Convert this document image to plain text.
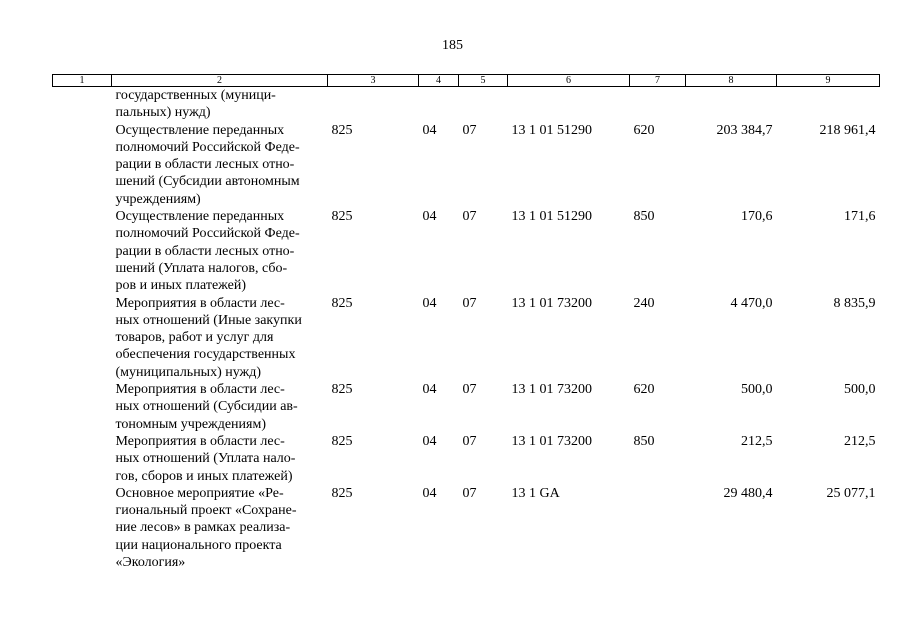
185
1	2	3	4	5	6	7	8	9
	государственных (муници-
пальных) нужд)							
	Осуществление переданных
полномочий Российской Феде-
рации в области лесных отно-
шений (Субсидии автономным
учреждениям)	825	04	07	13 1 01 51290	620	203 384,7	218 961,4
	Осуществление переданных
полномочий Российской Феде-
рации в области лесных отно-
шений (Уплата налогов, сбо-
ров и иных платежей)	825	04	07	13 1 01 51290	850	170,6	171,6
	Мероприятия в области лес-
ных отношений (Иные закупки
товаров, работ и услуг для
обеспечения государственных
(муниципальных) нужд)	825	04	07	13 1 01 73200	240	4 470,0	8 835,9
	Мероприятия в области лес-
ных отношений (Субсидии ав-
тономным учреждениям)	825	04	07	13 1 01 73200	620	500,0	500,0
	Мероприятия в области лес-
ных отношений (Уплата нало-
гов, сборов и иных платежей)	825	04	07	13 1 01 73200	850	212,5	212,5
	Основное мероприятие «Ре-
гиональный проект «Сохране-
ние лесов» в рамках реализа-
ции национального проекта
«Экология»	825	04	07	13 1 GA		29 480,4	25 077,1
